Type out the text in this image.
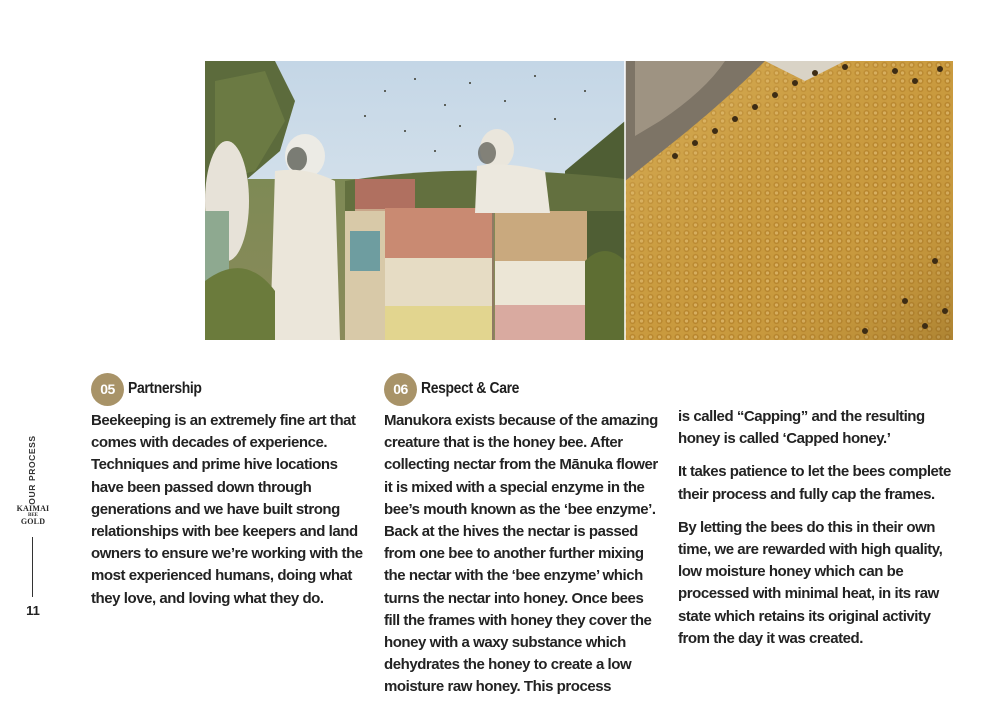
OUR PROCESS
KAIMAI
BEE
GOLD
11
05 Partnership

Beekeeping is an extremely fine art that comes with decades of experience. Techniques and prime hive locations have been passed down through generations and we have built strong relationships with bee keepers and land owners to ensure we’re working with the most experienced humans, doing what they love, and loving what they do.

06 Respect & Care

Manukora exists because of the amazing creature that is the honey bee. After collecting nectar from the Mānuka flower it is mixed with a special enzyme in the bee’s mouth known as the ‘bee enzyme’. Back at the hives the nectar is passed from one bee to another further mixing the nectar with the ‘bee enzyme’ which turns the nectar into honey. Once bees fill the frames with honey they cover the honey with a waxy substance which dehydrates the honey to create a low moisture raw honey. This process

is called “Capping” and the resulting honey is called ‘Capped honey.’

It takes patience to let the bees complete their process and fully cap the frames.

By letting the bees do this in their own time, we are rewarded with high quality, low moisture honey which can be processed with minimal heat, in its raw state which retains its original activity from the day it was created.
